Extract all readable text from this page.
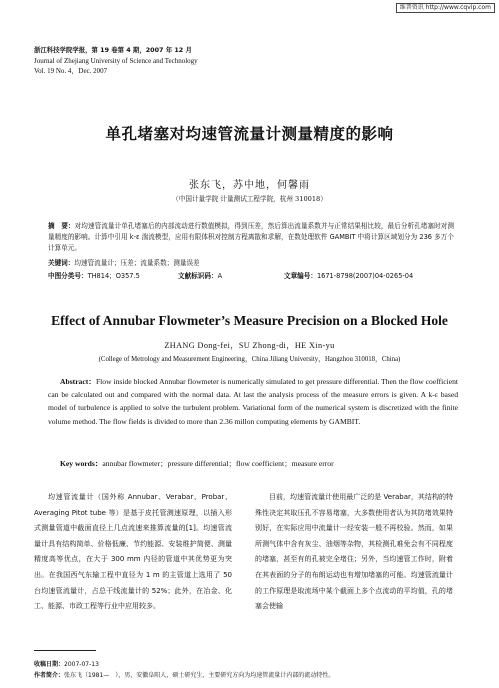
维普资讯 http://www.cqvip.com
浙江科技学院学报，第 19 卷第 4 期，2007 年 12 月
Journal of Zhejiang University of Science and Technology
Vol. 19 No. 4，Dec. 2007
单孔堵塞对均速管流量计测量精度的影响
张东飞，苏中地，何馨雨
（中国计量学院 计量测试工程学院，杭州 310018）
摘　要：对均速管流量计单孔堵塞后的内部流动进行数值模拟，得到压差，然后算出流量系数并与正常结果相比较，最后分析孔堵塞时对测量精度的影响。计算中引用 k-ε 湍流模型，应用有限体积对控制方程离散和求解，在数处理软件 GAMBIT 中将计算区域划分为 236 多万个计算单元。
关键词：均速管流量计；压差；流量系数；测量误差
中图分类号：TH814；O357.5	文献标识码：A	文章编号：1671-8798(2007)04-0265-04
Effect of Annubar Flowmeter’s Measure Precision on a Blocked Hole
ZHANG Dong-fei，SU Zhong-di，HE Xin-yu
(College of Metrology and Measurement Engineering，China Jiliang University，Hangzhou 310018，China)
Abstract：Flow inside blocked Annubar flowmeter is numerically simulated to get pressure differential. Then the flow coefficient can be calculated out and compared with the normal data. At last the analysis process of the measure errors is given. A k-ε based model of turbulence is applied to solve the turbulent problem. Variational form of the numerical system is discretized with the finite volume method. The flow fields is divided to more than 2.36 millon computing elements by GAMBIT.
Key words：annubar flowmeter；pressure differential；flow coefficient；measure error
均速管流量计（国外称 Annubar、Verabar、Probar、Averaging Pitot tube 等）是基于皮托管测速原理，以插入形式测量管道中截面直径上几点流速来推算流量的[1]。均速管流量计具有结构简单、价格低廉、节约能源、安装维护简便、测量精度高等优点，在大于 300 mm 内径的管道中其优势更为突出。在我国西气东输工程中直径为 1 m 的主管道上选用了 50 台均速管流量计，占总干线流量计的 52%；此外，在冶金、化工、能源、市政工程等行业中应用较多。
目前，均速管流量计使用最广泛的是 Verabar，其结构的特殊性决定其取压孔不容易堵塞，大多数使用者认为其防堵效果特别好，在实际应用中流量计一经安装一般不再校验。然而，如果所测气体中含有灰尘、油烟等杂物，其检测孔难免会有不同程度的堵塞，甚至有的孔被完全堵住；另外，当均速管工作时，附着在其表面的分子的布朗运动也有增加堵塞的可能。均速管流量计的工作原理是取流场中某个截面上多个点流动的平均值，孔的堵塞会使输
收稿日期：2007-07-13
作者简介：张东飞（1981—　），男，安徽阜阳人，硕士研究生，主要研究方向为均速管流量计内部的流动特性。
